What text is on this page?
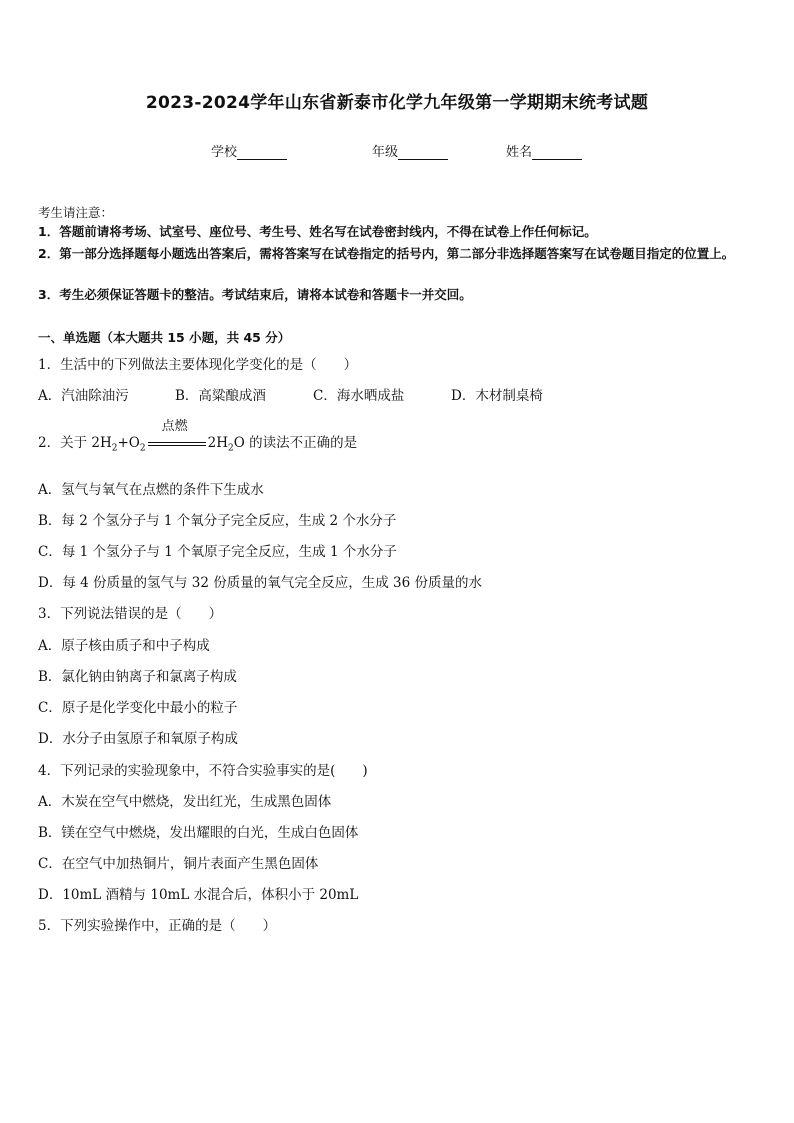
2023-2024学年山东省新泰市化学九年级第一学期期末统考试题
学校	年级	姓名
考生请注意：
1．答题前请将考场、试室号、座位号、考生号、姓名写在试卷密封线内，不得在试卷上作任何标记。
2．第一部分选择题每小题选出答案后，需将答案写在试卷指定的括号内，第二部分非选择题答案写在试卷题目指定的位置上。
3．考生必须保证答题卡的整洁。考试结束后，请将本试卷和答题卡一并交回。
一、单选题（本大题共 15 小题，共 45 分）
1．生活中的下列做法主要体现化学变化的是（　　）
A．汽油除油污	B．高粱酿成酒	C．海水晒成盐	D．木材制桌椅
2．关于 $2H_2+O_2$
点燃
$2H_2O$ 的读法不正确的是
A．氢气与氧气在点燃的条件下生成水
B．每 2 个氢分子与 1 个氧分子完全反应，生成 2 个水分子
C．每 1 个氢分子与 1 个氧原子完全反应，生成 1 个水分子
D．每 4 份质量的氢气与 32 份质量的氧气完全反应，生成 36 份质量的水
3．下列说法错误的是（　　）
A．原子核由质子和中子构成
B．氯化钠由钠离子和氯离子构成
C．原子是化学变化中最小的粒子
D．水分子由氢原子和氧原子构成
4．下列记录的实验现象中，不符合实验事实的是(　　)
A．木炭在空气中燃烧，发出红光，生成黑色固体
B．镁在空气中燃烧，发出耀眼的白光，生成白色固体
C．在空气中加热铜片，铜片表面产生黑色固体
D．10mL 酒精与 10mL 水混合后，体积小于 20mL
5．下列实验操作中，正确的是（　　）
